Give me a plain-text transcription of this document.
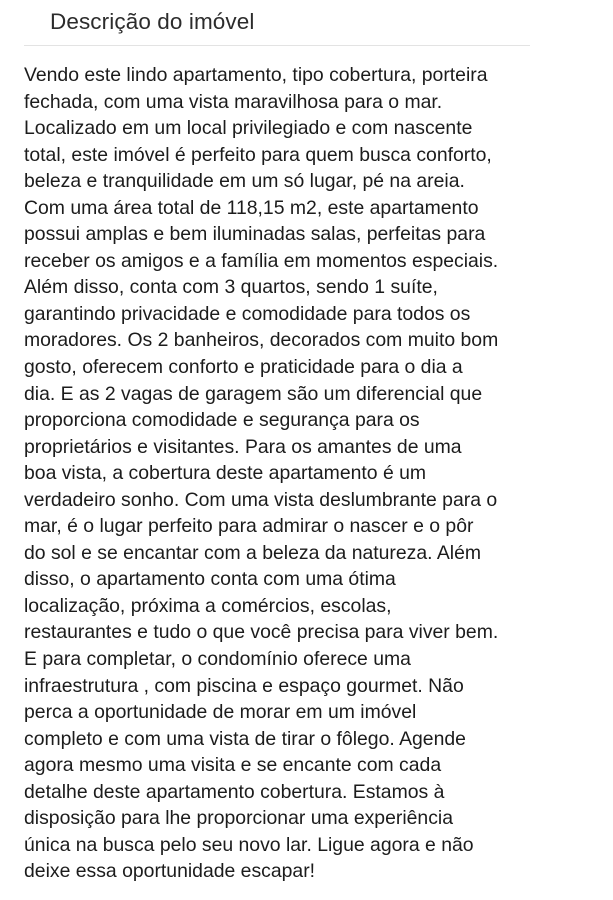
Descrição do imóvel

Vendo este lindo apartamento, tipo cobertura, porteira
fechada, com uma vista maravilhosa para o mar.
Localizado em um local privilegiado e com nascente
total, este imóvel é perfeito para quem busca conforto,
beleza e tranquilidade em um só lugar, pé na areia.
Com uma área total de 118,15 m2, este apartamento
possui amplas e bem iluminadas salas, perfeitas para
receber os amigos e a família em momentos especiais.
Além disso, conta com 3 quartos, sendo 1 suíte,
garantindo privacidade e comodidade para todos os
moradores. Os 2 banheiros, decorados com muito bom
gosto, oferecem conforto e praticidade para o dia a
dia. E as 2 vagas de garagem são um diferencial que
proporciona comodidade e segurança para os
proprietários e visitantes. Para os amantes de uma
boa vista, a cobertura deste apartamento é um
verdadeiro sonho. Com uma vista deslumbrante para o
mar, é o lugar perfeito para admirar o nascer e o pôr
do sol e se encantar com a beleza da natureza. Além
disso, o apartamento conta com uma ótima
localização, próxima a comércios, escolas,
restaurantes e tudo o que você precisa para viver bem.
E para completar, o condomínio oferece uma
infraestrutura , com piscina e espaço gourmet. Não
perca a oportunidade de morar em um imóvel
completo e com uma vista de tirar o fôlego. Agende
agora mesmo uma visita e se encante com cada
detalhe deste apartamento cobertura. Estamos à
disposição para lhe proporcionar uma experiência
única na busca pelo seu novo lar. Ligue agora e não
deixe essa oportunidade escapar!
